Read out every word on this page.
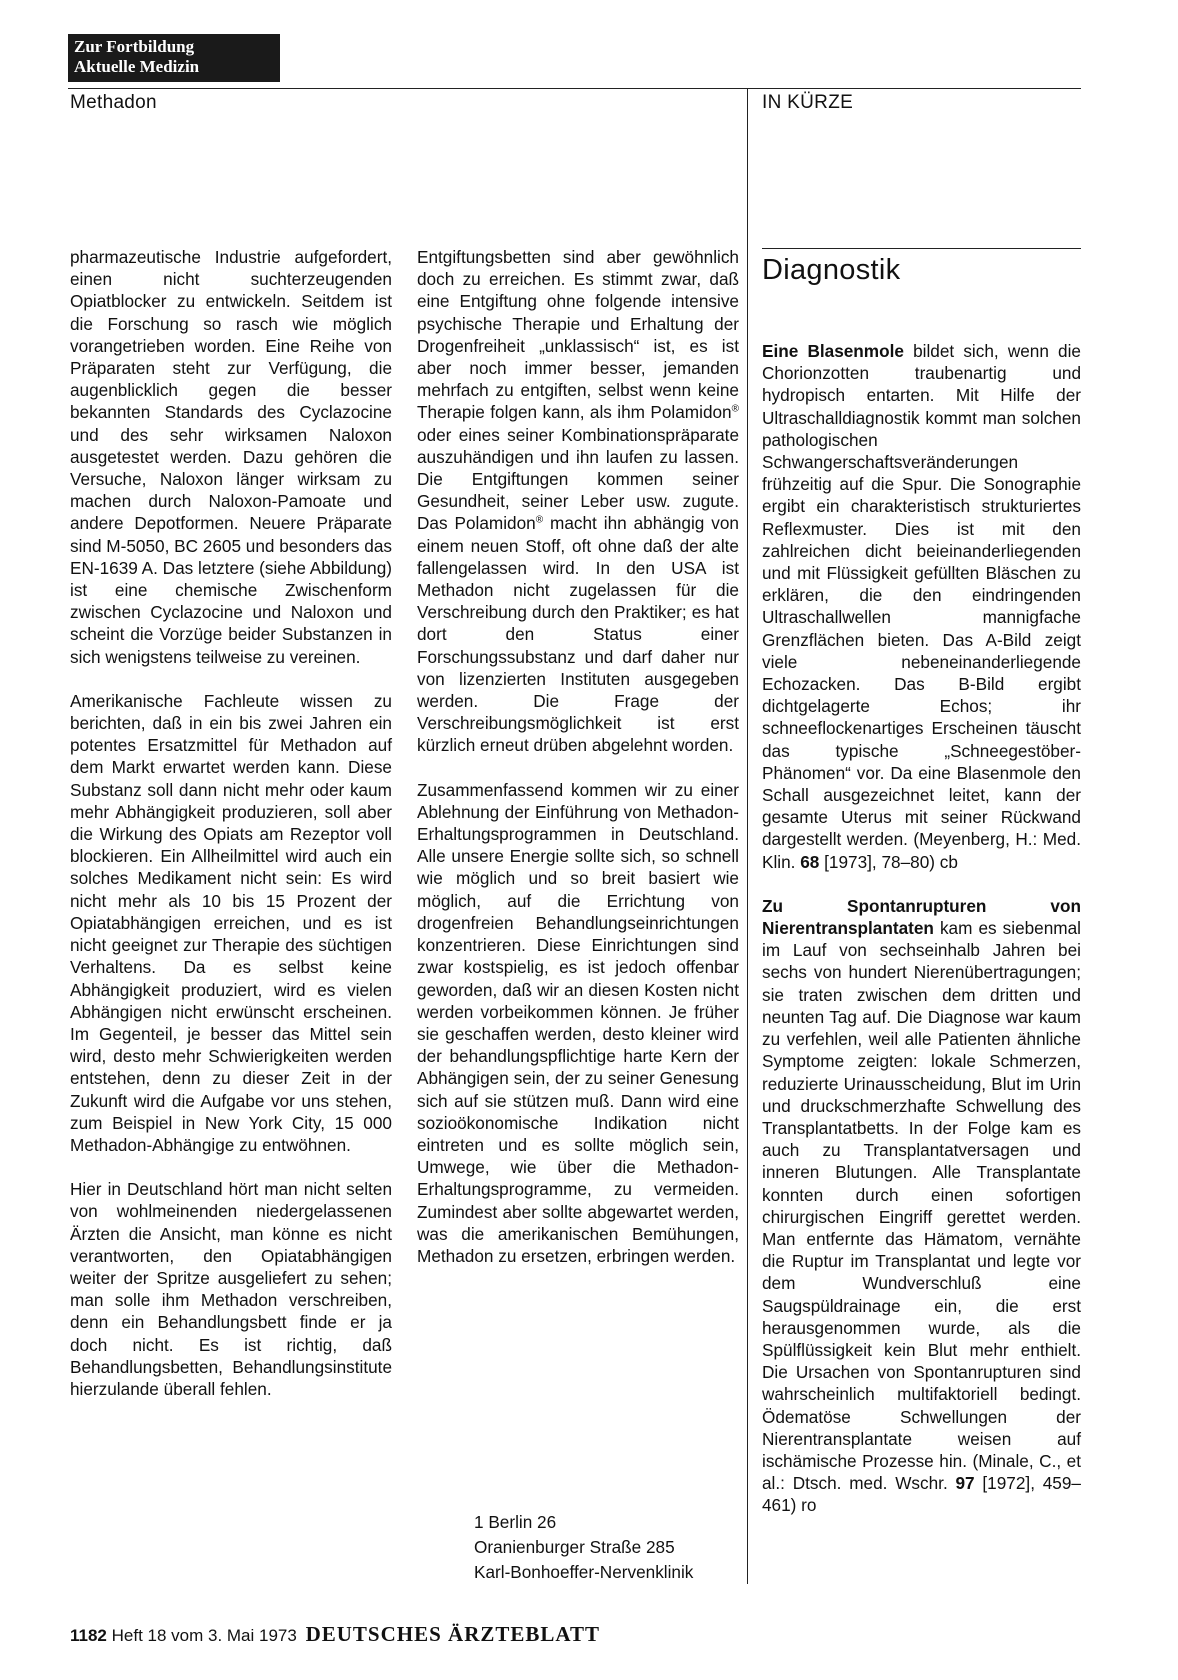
Zur Fortbildung
Aktuelle Medizin
Methadon	IN KÜRZE

pharmazeutische Industrie aufgefordert, einen nicht suchterzeugenden Opiatblocker zu entwickeln. Seitdem ist die Forschung so rasch wie möglich vorangetrieben worden. Eine Reihe von Präparaten steht zur Verfügung, die augenblicklich gegen die besser bekannten Standards des Cyclazocine und des sehr wirksamen Naloxon ausgetestet werden. Dazu gehören die Versuche, Naloxon länger wirksam zu machen durch Naloxon-Pamoate und andere Depotformen. Neuere Präparate sind M-5050, BC 2605 und besonders das EN-1639 A. Das letztere (siehe Abbildung) ist eine chemische Zwischenform zwischen Cyclazocine und Naloxon und scheint die Vorzüge beider Substanzen in sich wenigstens teilweise zu vereinen.

Amerikanische Fachleute wissen zu berichten, daß in ein bis zwei Jahren ein potentes Ersatzmittel für Methadon auf dem Markt erwartet werden kann. Diese Substanz soll dann nicht mehr oder kaum mehr Abhängigkeit produzieren, soll aber die Wirkung des Opiats am Rezeptor voll blockieren. Ein Allheilmittel wird auch ein solches Medikament nicht sein: Es wird nicht mehr als 10 bis 15 Prozent der Opiatabhängigen erreichen, und es ist nicht geeignet zur Therapie des süchtigen Verhaltens. Da es selbst keine Abhängigkeit produziert, wird es vielen Abhängigen nicht erwünscht erscheinen. Im Gegenteil, je besser das Mittel sein wird, desto mehr Schwierigkeiten werden entstehen, denn zu dieser Zeit in der Zukunft wird die Aufgabe vor uns stehen, zum Beispiel in New York City, 15 000 Methadon-Abhängige zu entwöhnen.

Hier in Deutschland hört man nicht selten von wohlmeinenden niedergelassenen Ärzten die Ansicht, man könne es nicht verantworten, den Opiatabhängigen weiter der Spritze ausgeliefert zu sehen; man solle ihm Methadon verschreiben, denn ein Behandlungsbett finde er ja doch nicht. Es ist richtig, daß Behandlungsbetten, Behandlungsinstitute hierzulande überall fehlen.

Entgiftungsbetten sind aber gewöhnlich doch zu erreichen. Es stimmt zwar, daß eine Entgiftung ohne folgende intensive psychische Therapie und Erhaltung der Drogenfreiheit „unklassisch“ ist, es ist aber noch immer besser, jemanden mehrfach zu entgiften, selbst wenn keine Therapie folgen kann, als ihm Polamidon® oder eines seiner Kombinationspräparate auszuhändigen und ihn laufen zu lassen. Die Entgiftungen kommen seiner Gesundheit, seiner Leber usw. zugute. Das Polamidon® macht ihn abhängig von einem neuen Stoff, oft ohne daß der alte fallengelassen wird. In den USA ist Methadon nicht zugelassen für die Verschreibung durch den Praktiker; es hat dort den Status einer Forschungssubstanz und darf daher nur von lizenzierten Instituten ausgegeben werden. Die Frage der Verschreibungsmöglichkeit ist erst kürzlich erneut drüben abgelehnt worden.

Zusammenfassend kommen wir zu einer Ablehnung der Einführung von Methadon-Erhaltungsprogrammen in Deutschland. Alle unsere Energie sollte sich, so schnell wie möglich und so breit basiert wie möglich, auf die Errichtung von drogenfreien Behandlungseinrichtungen konzentrieren. Diese Einrichtungen sind zwar kostspielig, es ist jedoch offenbar geworden, daß wir an diesen Kosten nicht werden vorbeikommen können. Je früher sie geschaffen werden, desto kleiner wird der behandlungspflichtige harte Kern der Abhängigen sein, der zu seiner Genesung sich auf sie stützen muß. Dann wird eine sozioökonomische Indikation nicht eintreten und es sollte möglich sein, Umwege, wie über die Methadon-Erhaltungsprogramme, zu vermeiden. Zumindest aber sollte abgewartet werden, was die amerikanischen Bemühungen, Methadon zu ersetzen, erbringen werden.

1 Berlin 26
Oranienburger Straße 285
Karl-Bonhoeffer-Nervenklinik
Diagnostik

Eine Blasenmole bildet sich, wenn die Chorionzotten traubenartig und hydropisch entarten. Mit Hilfe der Ultraschalldiagnostik kommt man solchen pathologischen Schwangerschaftsveränderungen frühzeitig auf die Spur. Die Sonographie ergibt ein charakteristisch strukturiertes Reflexmuster. Dies ist mit den zahlreichen dicht beieinanderliegenden und mit Flüssigkeit gefüllten Bläschen zu erklären, die den eindringenden Ultraschallwellen mannigfache Grenzflächen bieten. Das A-Bild zeigt viele nebeneinanderliegende Echozacken. Das B-Bild ergibt dichtgelagerte Echos; ihr schneeflockenartiges Erscheinen täuscht das typische „Schneegestöber-Phänomen“ vor. Da eine Blasenmole den Schall ausgezeichnet leitet, kann der gesamte Uterus mit seiner Rückwand dargestellt werden. (Meyenberg, H.: Med. Klin. 68 [1973], 78–80) cb

Zu Spontanrupturen von Nierentransplantaten kam es siebenmal im Lauf von sechseinhalb Jahren bei sechs von hundert Nierenübertragungen; sie traten zwischen dem dritten und neunten Tag auf. Die Diagnose war kaum zu verfehlen, weil alle Patienten ähnliche Symptome zeigten: lokale Schmerzen, reduzierte Urinausscheidung, Blut im Urin und druckschmerzhafte Schwellung des Transplantatbetts. In der Folge kam es auch zu Transplantatversagen und inneren Blutungen. Alle Transplantate konnten durch einen sofortigen chirurgischen Eingriff gerettet werden. Man entfernte das Hämatom, vernähte die Ruptur im Transplantat und legte vor dem Wundverschluß eine Saugspüldrainage ein, die erst herausgenommen wurde, als die Spülflüssigkeit kein Blut mehr enthielt. Die Ursachen von Spontanrupturen sind wahrscheinlich multifaktoriell bedingt. Ödematöse Schwellungen der Nierentransplantate weisen auf ischämische Prozesse hin. (Minale, C., et al.: Dtsch. med. Wschr. 97 [1972], 459–461) ro

1182 Heft 18 vom 3. Mai 1973 DEUTSCHES ÄRZTEBLATT
